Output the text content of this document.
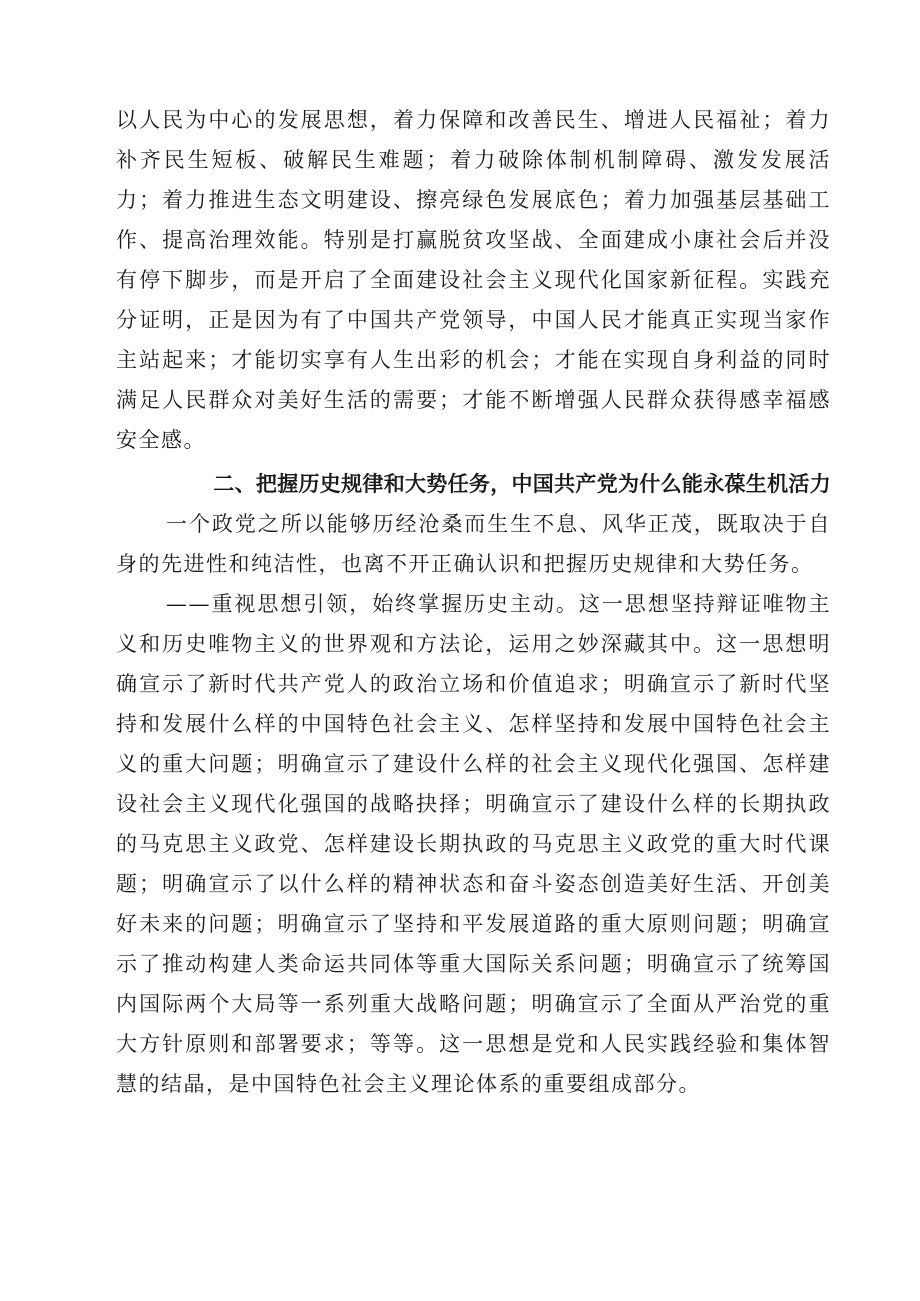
以人民为中心的发展思想，着力保障和改善民生、增进人民福祉；着力补齐民生短板、破解民生难题；着力破除体制机制障碍、激发发展活力；着力推进生态文明建设、擦亮绿色发展底色；着力加强基层基础工作、提高治理效能。特别是打赢脱贫攻坚战、全面建成小康社会后并没有停下脚步，而是开启了全面建设社会主义现代化国家新征程。实践充分证明，正是因为有了中国共产党领导，中国人民才能真正实现当家作主站起来；才能切实享有人生出彩的机会；才能在实现自身利益的同时满足人民群众对美好生活的需要；才能不断增强人民群众获得感幸福感安全感。

二、把握历史规律和大势任务，中国共产党为什么能永葆生机活力

一个政党之所以能够历经沧桑而生生不息、风华正茂，既取决于自身的先进性和纯洁性，也离不开正确认识和把握历史规律和大势任务。

——重视思想引领，始终掌握历史主动。这一思想坚持辩证唯物主义和历史唯物主义的世界观和方法论，运用之妙深藏其中。这一思想明确宣示了新时代共产党人的政治立场和价值追求；明确宣示了新时代坚持和发展什么样的中国特色社会主义、怎样坚持和发展中国特色社会主义的重大问题；明确宣示了建设什么样的社会主义现代化强国、怎样建设社会主义现代化强国的战略抉择；明确宣示了建设什么样的长期执政的马克思主义政党、怎样建设长期执政的马克思主义政党的重大时代课题；明确宣示了以什么样的精神状态和奋斗姿态创造美好生活、开创美好未来的问题；明确宣示了坚持和平发展道路的重大原则问题；明确宣示了推动构建人类命运共同体等重大国际关系问题；明确宣示了统筹国内国际两个大局等一系列重大战略问题；明确宣示了全面从严治党的重大方针原则和部署要求；等等。这一思想是党和人民实践经验和集体智慧的结晶，是中国特色社会主义理论体系的重要组成部分。
